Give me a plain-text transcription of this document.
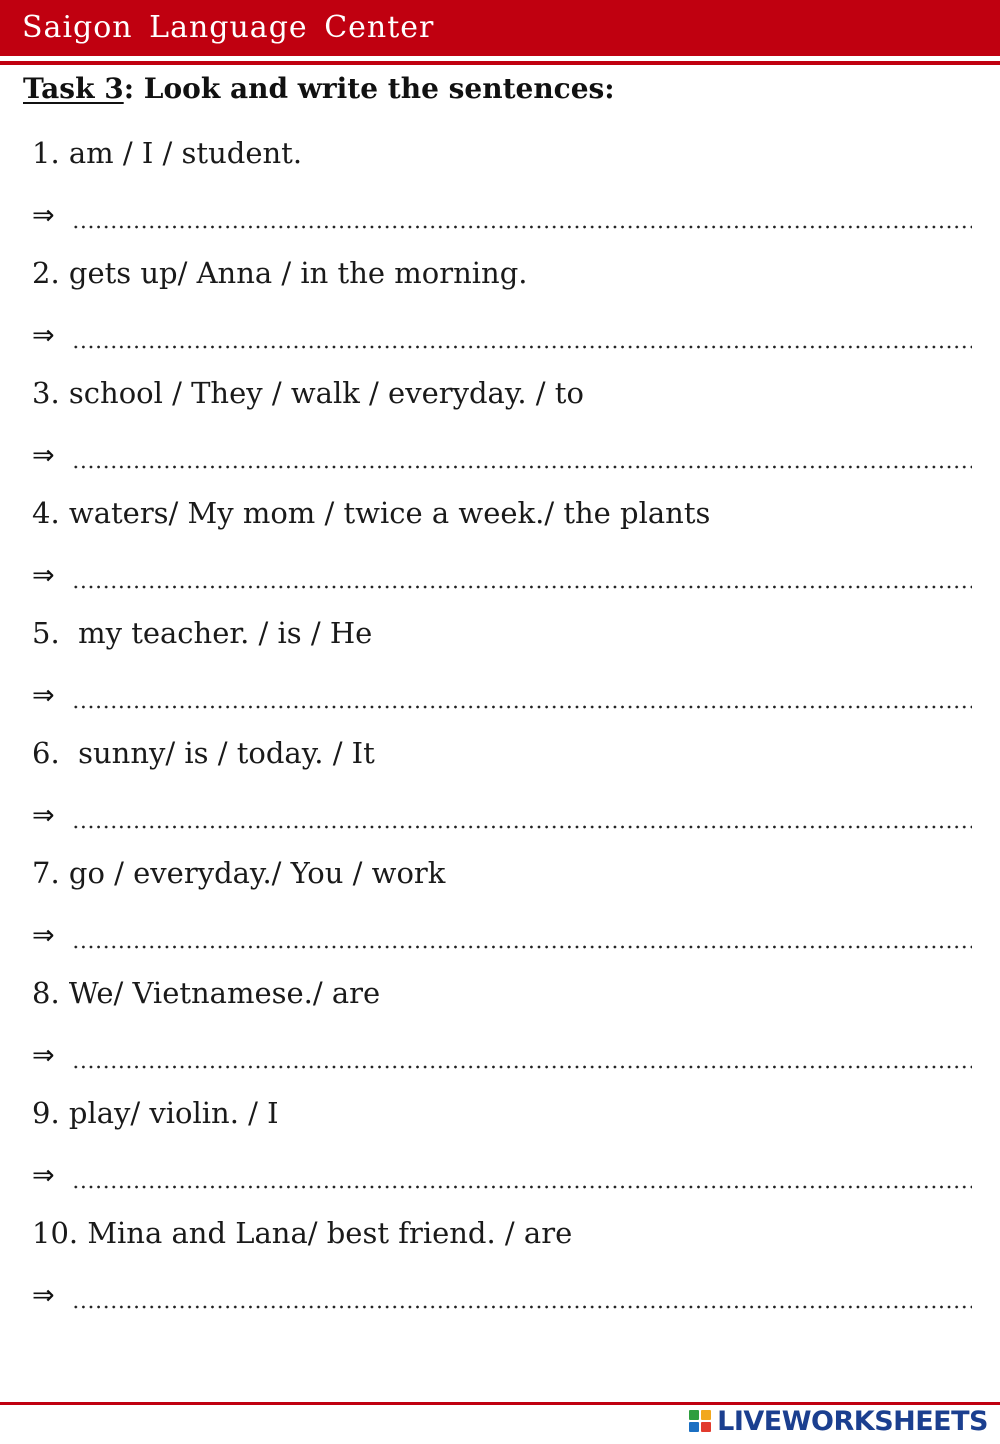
Saigon Language Center
Task 3: Look and write the sentences:
1. am / I / student.
⇒
2. gets up/ Anna / in the morning.
⇒
3. school / They / walk / everyday. / to
⇒
4. waters/ My mom / twice a week./ the plants
⇒
5.  my teacher. / is / He
⇒
6.  sunny/ is / today. / It
⇒
7. go / everyday./ You / work
⇒
8. We/ Vietnamese./ are
⇒
9. play/ violin. / I
⇒
10. Mina and Lana/ best friend. / are
⇒
LIVEWORKSHEETS
